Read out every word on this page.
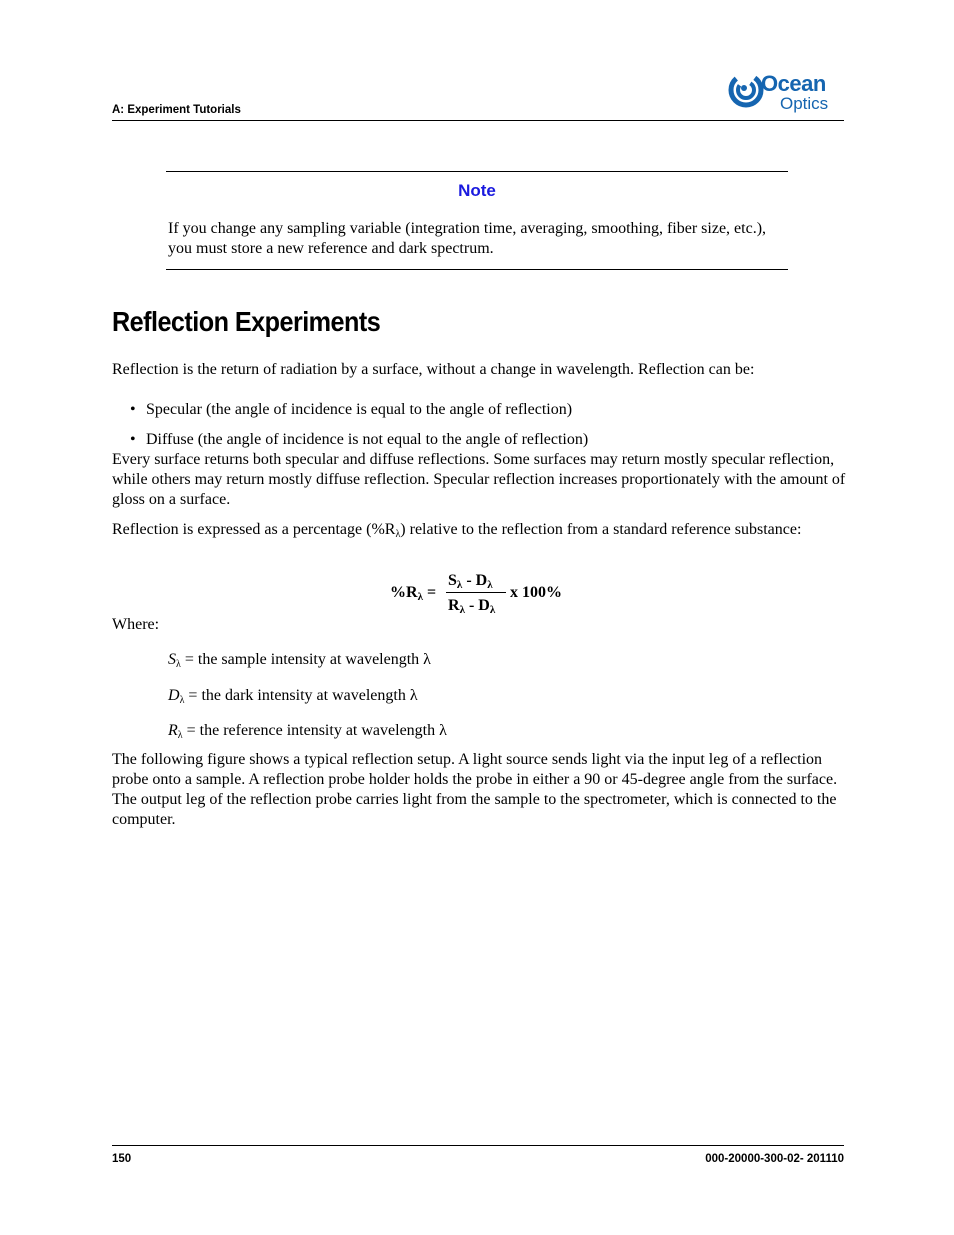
A: Experiment Tutorials
Ocean
Optics
Note
If you change any sampling variable (integration time, averaging, smoothing, fiber size, etc.), you must store a new reference and dark spectrum.
Reflection Experiments
Reflection is the return of radiation by a surface, without a change in wavelength. Reflection can be:
• Specular (the angle of incidence is equal to the angle of reflection)
• Diffuse (the angle of incidence is not equal to the angle of reflection)
Every surface returns both specular and diffuse reflections. Some surfaces may return mostly specular reflection, while others may return mostly diffuse reflection. Specular reflection increases proportionately with the amount of gloss on a surface.
Reflection is expressed as a percentage (%Rλ) relative to the reflection from a standard reference substance:
$\%R_\lambda$ =
$S_\lambda - D_\lambda$
$R_\lambda - D_\lambda$
x 100%
Where:
Sλ = the sample intensity at wavelength λ
Dλ = the dark intensity at wavelength λ
Rλ = the reference intensity at wavelength λ
The following figure shows a typical reflection setup. A light source sends light via the input leg of a reflection probe onto a sample. A reflection probe holder holds the probe in either a 90 or 45-degree angle from the surface. The output leg of the reflection probe carries light from the sample to the spectrometer, which is connected to the computer.
150	000-20000-300-02- 201110
